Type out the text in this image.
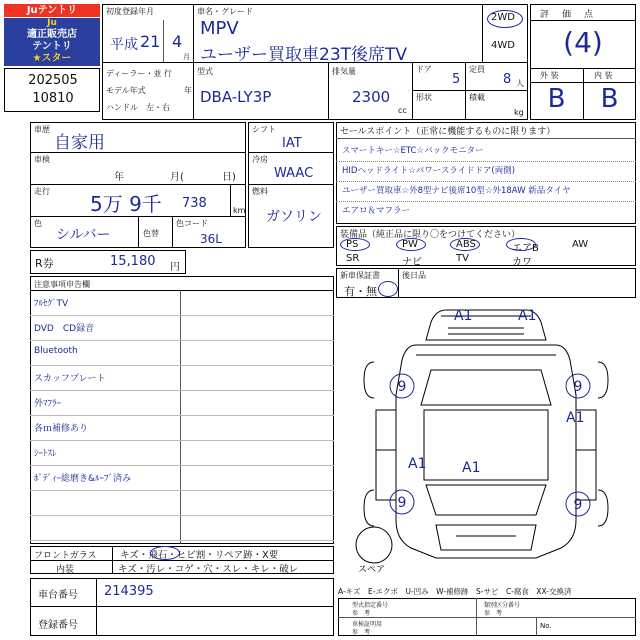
Juテントリ
Ju
適正販売店
テントリ
★スター
202505
10810
初度登録年月
平成 21 4
月
ディーラー・並 行
モデル年式	年
ハンドル　左・右
車名・グレード
MPV
ユーザー買取車23T後席TV
2WD
4WD
型式
DBA-LY3P
排気量
2300
cc
ドア
5
形状
定員
8 人
積載
kg
評　価　点
(4)
外 装	内 装
B	B
車歴
自家用
車検
年	月(	日)
走行
5万 9千 738	km
色
シルバー	色替
色コード
36L
シフト
IAT
冷房
WAAC
燃料
ガソリン
R券	15,180 円
注意事項申告欄
ﾌﾙｾｸﾞTV
DVD　CD録音
Bluetooth
スカッフプレート
外ﾏﾌﾗｰ
各ｍ補修あり
ｼｰﾄｽﾚ
ﾎﾞﾃﾞｨｰ総磨き&ﾙｰﾌﾞ済み
セールスポイント（正常に機能するものに限ります）
スマートキー☆ETC☆バックモニター
HIDヘッドライト☆パワースライドドア(両側)
ユーザー買取車☆外8型ナビ後席10型☆外18AW 新品タイヤ
エアロ＆マフラー
装備品（純正品に限り〇をつけてください）
PS	PW	ABS	エアB	AW
SR	ナビ	TV	カワ
新車保証書
有・無
後日品
A1	A1
A1
A1	A1
9	9
9	9
スペア
A-キズ　E-エクボ　U-凹み　W-補修跡　S-サビ　C-腐食　XX-交換済
フロントガラス キズ・飛石・ヒビ割・リペア跡・X要
内装	キズ・汚レ・コゲ・穴・スレ・キレ・破レ
車台番号 214395
登録番号
型式指定番号
参　考
類別区分番号
参　考
車検証明用
参　考
No.
